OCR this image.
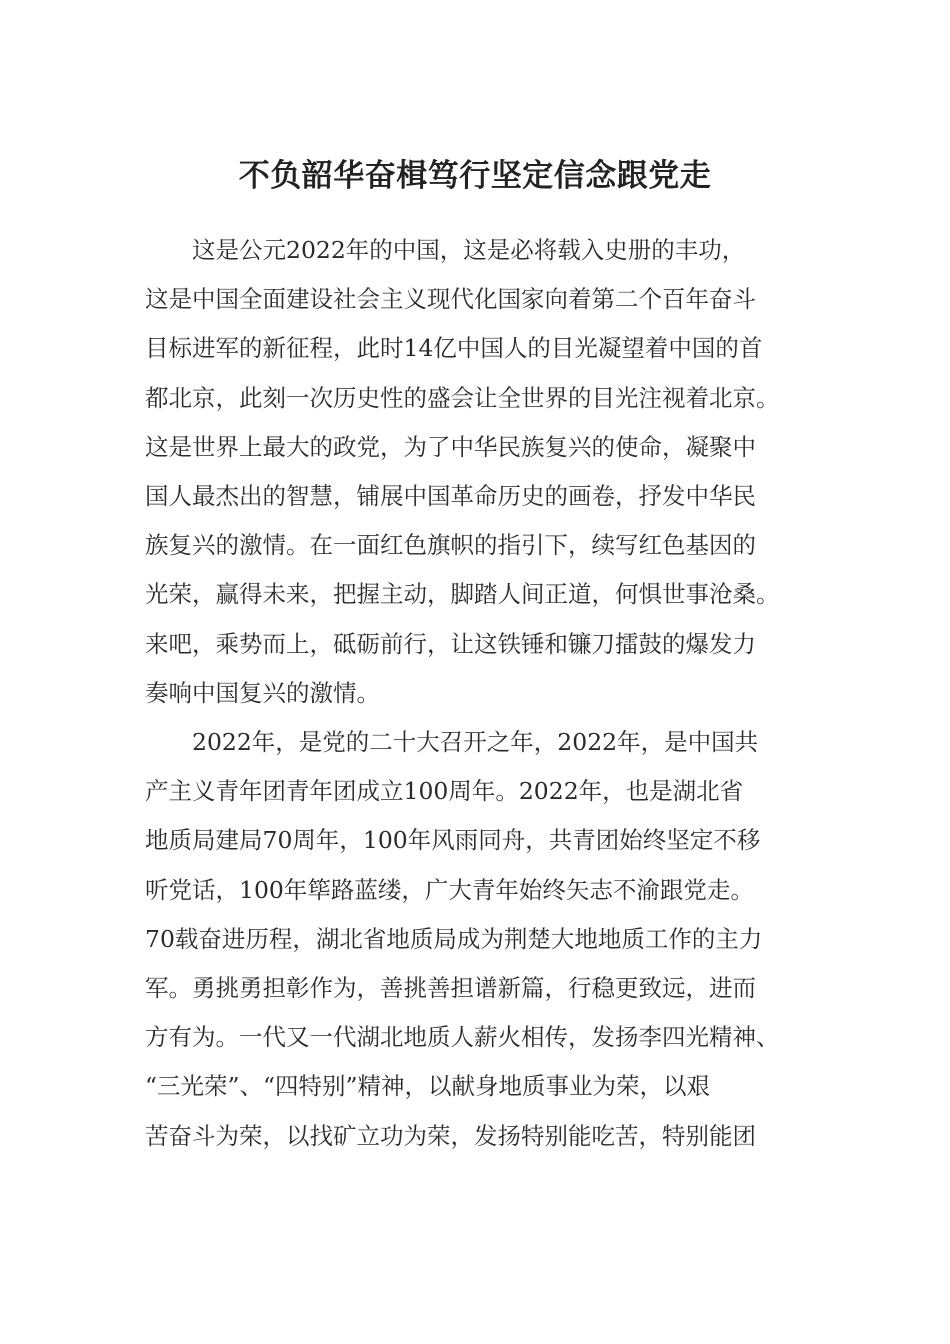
不负韶华奋楫笃行坚定信念跟党走
　　这是公元2022年的中国，这是必将载入史册的丰功，
这是中国全面建设社会主义现代化国家向着第二个百年奋斗
目标进军的新征程，此时14亿中国人的目光凝望着中国的首
都北京，此刻一次历史性的盛会让全世界的目光注视着北京。
这是世界上最大的政党，为了中华民族复兴的使命，凝聚中
国人最杰出的智慧，铺展中国革命历史的画卷，抒发中华民
族复兴的激情。在一面红色旗帜的指引下，续写红色基因的
光荣，赢得未来，把握主动，脚踏人间正道，何惧世事沧桑。
来吧，乘势而上，砥砺前行，让这铁锤和镰刀擂鼓的爆发力
奏响中国复兴的激情。
　　2022年，是党的二十大召开之年，2022年，是中国共
产主义青年团青年团成立100周年。2022年，也是湖北省
地质局建局70周年，100年风雨同舟，共青团始终坚定不移
听党话，100年筚路蓝缕，广大青年始终矢志不渝跟党走。
70载奋进历程，湖北省地质局成为荆楚大地地质工作的主力
军。勇挑勇担彰作为，善挑善担谱新篇，行稳更致远，进而
方有为。一代又一代湖北地质人薪火相传，发扬李四光精神、
“三光荣”、“四特别”精神，以献身地质事业为荣，以艰
苦奋斗为荣，以找矿立功为荣，发扬特别能吃苦，特别能团
